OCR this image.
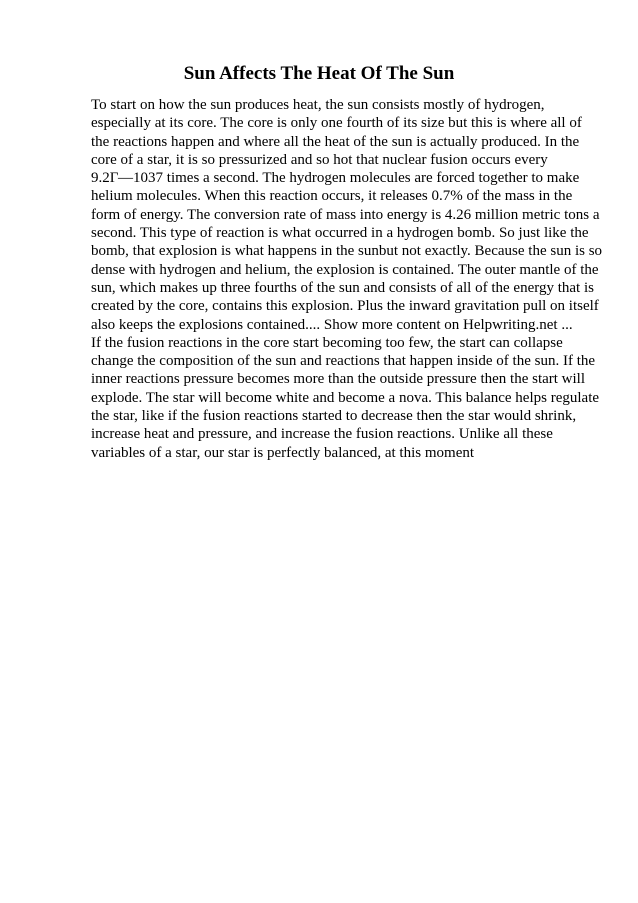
Sun Affects The Heat Of The Sun
To start on how the sun produces heat, the sun consists mostly of hydrogen,
especially at its core. The core is only one fourth of its size but this is where all of
the reactions happen and where all the heat of the sun is actually produced. In the
core of a star, it is so pressurized and so hot that nuclear fusion occurs every
9.2Г—1037 times a second. The hydrogen molecules are forced together to make
helium molecules. When this reaction occurs, it releases 0.7% of the mass in the
form of energy. The conversion rate of mass into energy is 4.26 million metric tons a
second. This type of reaction is what occurred in a hydrogen bomb. So just like the
bomb, that explosion is what happens in the sunbut not exactly. Because the sun is so
dense with hydrogen and helium, the explosion is contained. The outer mantle of the
sun, which makes up three fourths of the sun and consists of all of the energy that is
created by the core, contains this explosion. Plus the inward gravitation pull on itself
also keeps the explosions contained.... Show more content on Helpwriting.net ...
If the fusion reactions in the core start becoming too few, the start can collapse
change the composition of the sun and reactions that happen inside of the sun. If the
inner reactions pressure becomes more than the outside pressure then the start will
explode. The star will become white and become a nova. This balance helps regulate
the star, like if the fusion reactions started to decrease then the star would shrink,
increase heat and pressure, and increase the fusion reactions. Unlike all these
variables of a star, our star is perfectly balanced, at this moment
